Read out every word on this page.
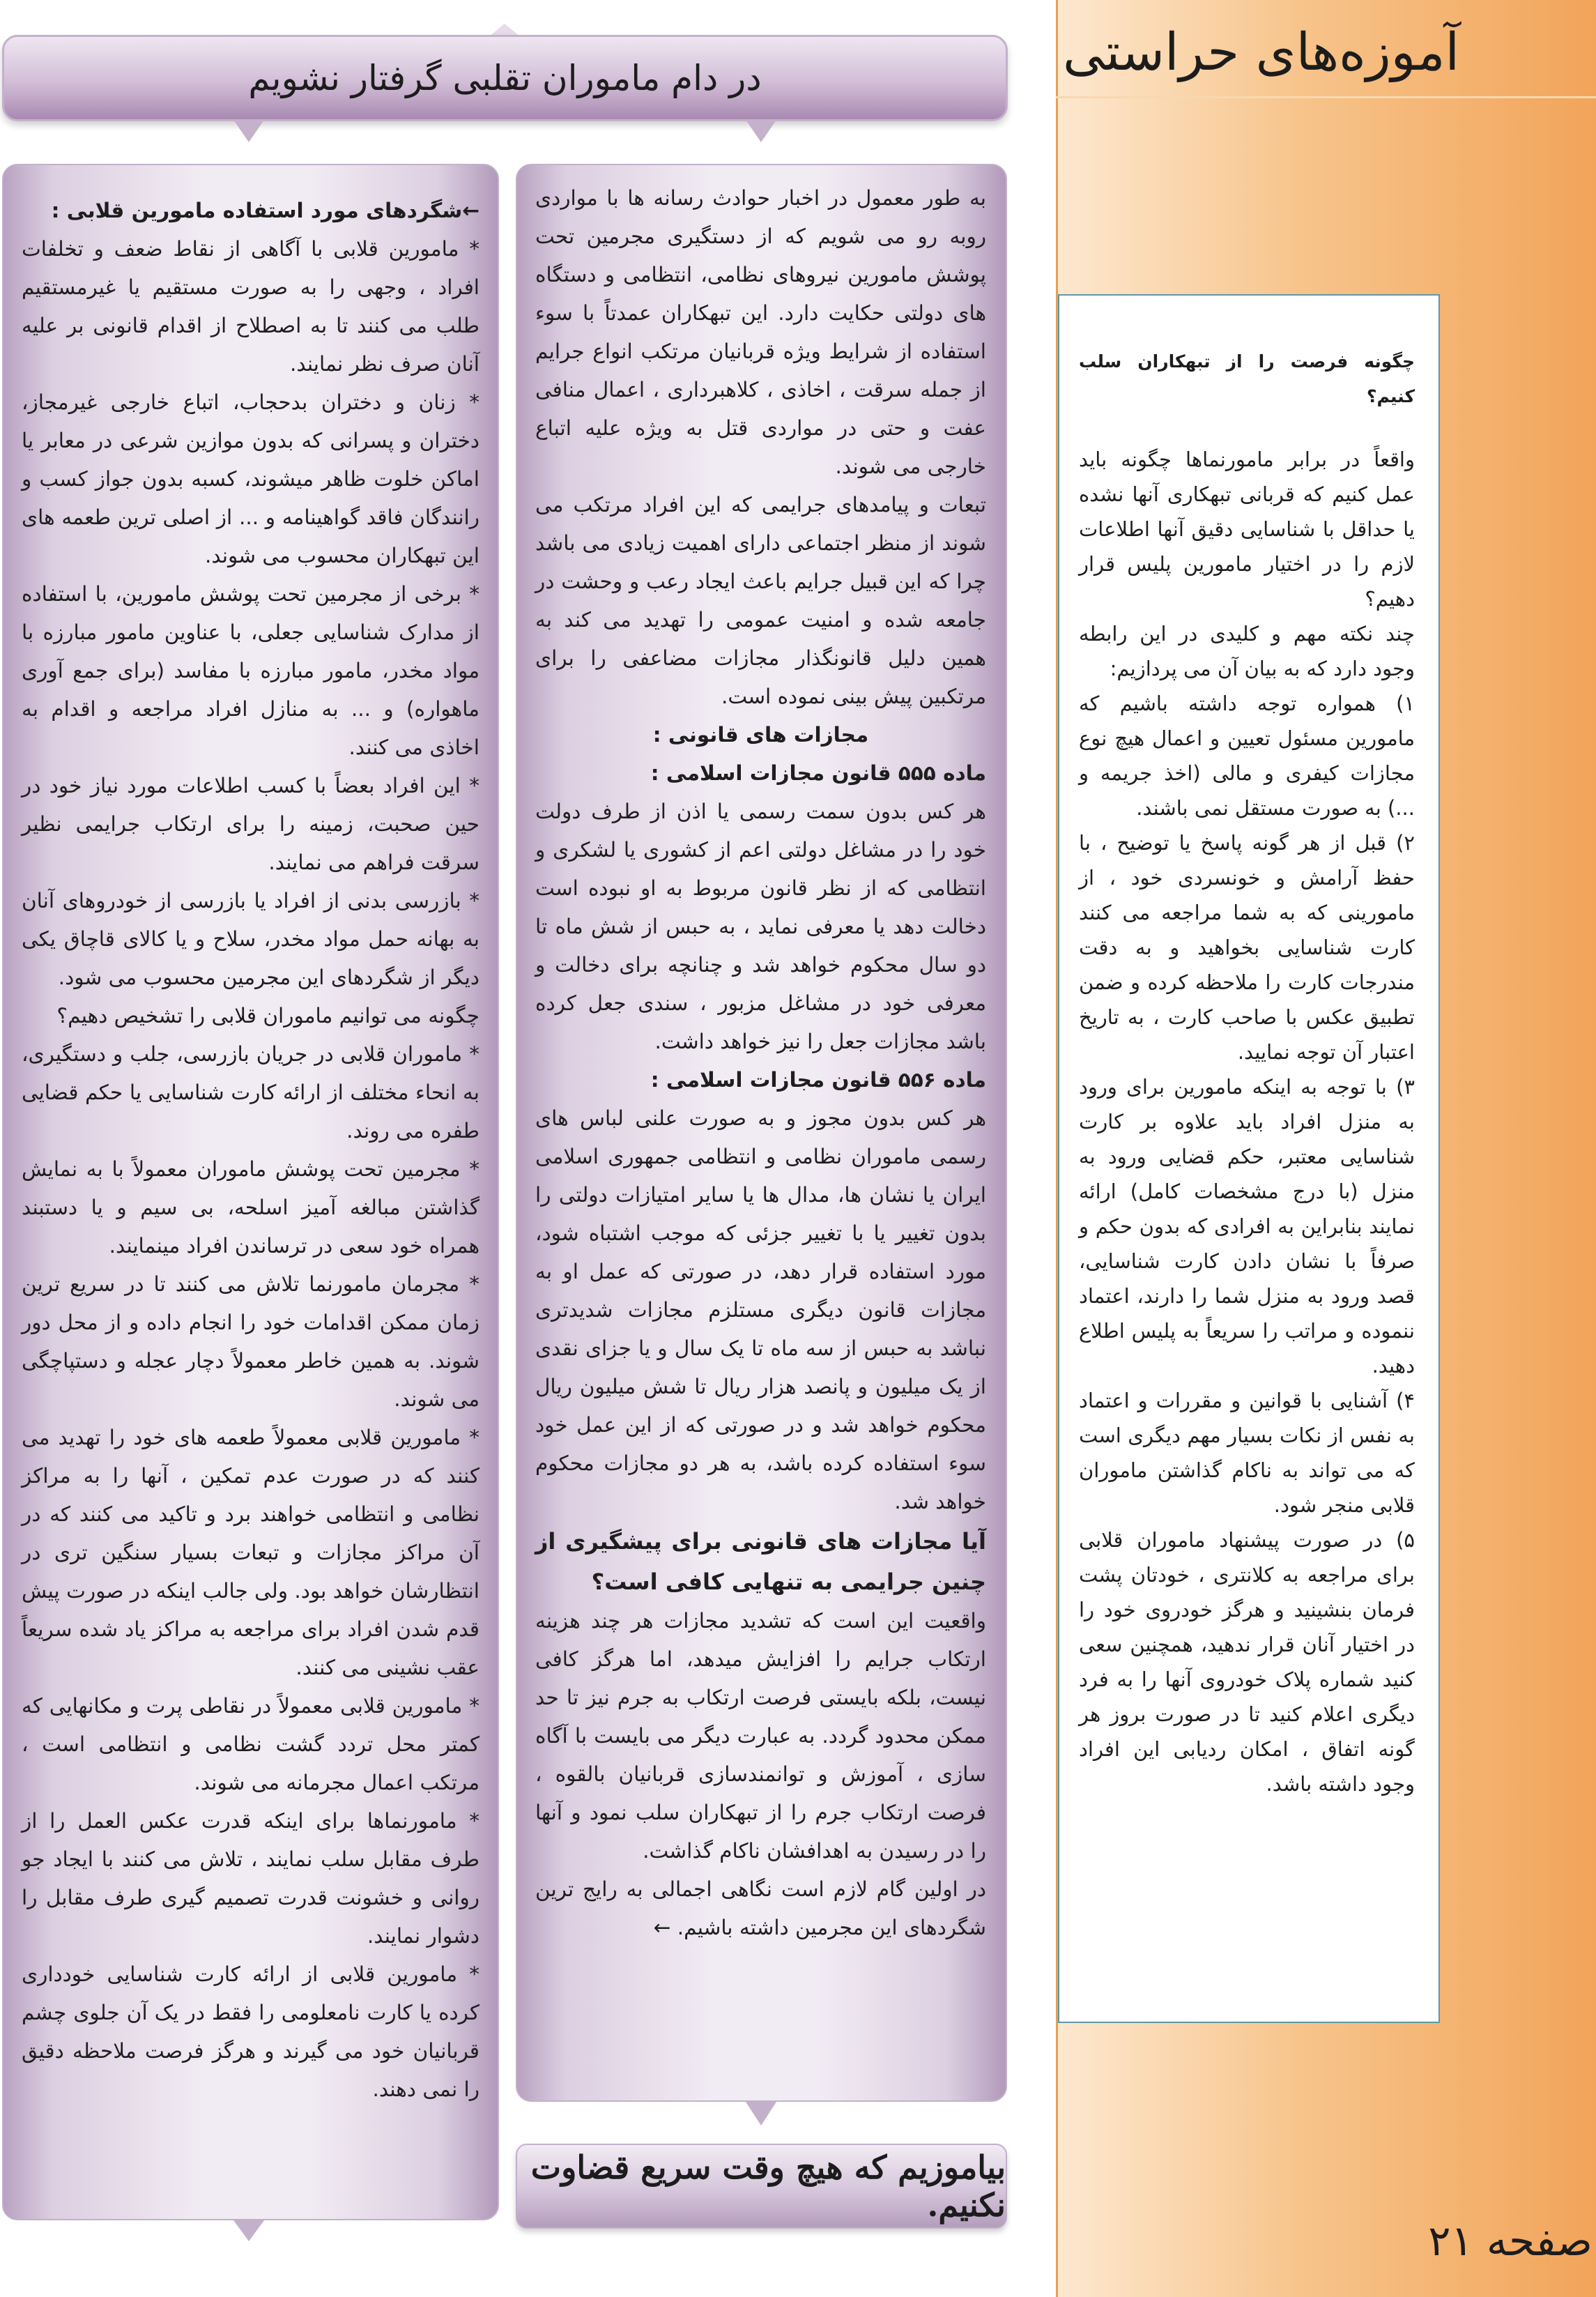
آموزه‌های حراستی

چگونه فرصت را از تبهکاران سلب کنیم؟

واقعاً در برابر مامورنماها چگونه باید عمل کنیم که قربانی تبهکاری آنها نشده یا حداقل با شناسایی دقیق آنها اطلاعات لازم را در اختیار مامورین پلیس قرار دهیم؟

چند نکته مهم و کلیدی در این رابطه وجود دارد که به بیان آن می پردازیم:

۱) همواره توجه داشته باشیم که مامورین مسئول تعیین و اعمال هیچ نوع مجازات کیفری و مالی (اخذ جریمه و ...) به صورت مستقل نمی باشند.

۲) قبل از هر گونه پاسخ یا توضیح ، با حفظ آرامش و خونسردی خود ، از مامورینی که به شما مراجعه می کنند کارت شناسایی بخواهید و به دقت مندرجات کارت را ملاحظه کرده و ضمن تطبیق عکس با صاحب کارت ، به تاریخ اعتبار آن توجه نمایید.

۳) با توجه به اینکه مامورین برای ورود به منزل افراد باید علاوه بر کارت شناسایی معتبر، حکم قضایی ورود به منزل (با درج مشخصات کامل) ارائه نمایند بنابراین به افرادی که بدون حکم و صرفاً با نشان دادن کارت شناسایی، قصد ورود به منزل شما را دارند، اعتماد ننموده و مراتب را سریعاً به پلیس اطلاع دهید.

۴) آشنایی با قوانین و مقررات و اعتماد به نفس از نکات بسیار مهم دیگری است که می تواند به ناکام گذاشتن ماموران قلابی منجر شود.

۵) در صورت پیشنهاد ماموران قلابی برای مراجعه به کلانتری ، خودتان پشت فرمان بنشینید و هرگز خودروی خود را در اختیار آنان قرار ندهید، همچنین سعی کنید شماره پلاک خودروی آنها را به فرد دیگری اعلام کنید تا در صورت بروز هر گونه اتفاق ، امکان ردیابی این افراد وجود داشته باشد.

صفحه ۲۱
در دام ماموران تقلبی گرفتار نشویم

به طور معمول در اخبار حوادث رسانه ها با مواردی روبه رو می شویم که از دستگیری مجرمین تحت پوشش مامورین نیروهای نظامی، انتظامی و دستگاه های دولتی حکایت دارد. این تبهکاران عمدتاً با سوء استفاده از شرایط ویژه قربانیان مرتکب انواع جرایم از جمله سرقت ، اخاذی ، کلاهبرداری ، اعمال منافی عفت و حتی در مواردی قتل به ویژه علیه اتباع خارجی می شوند.

تبعات و پیامدهای جرایمی که این افراد مرتکب می شوند از منظر اجتماعی دارای اهمیت زیادی می باشد چرا که این قبیل جرایم باعث ایجاد رعب و وحشت در جامعه شده و امنیت عمومی را تهدید می کند به همین دلیل قانونگذار مجازات مضاعفی را برای مرتکبین پیش بینی نموده است.

مجازات های قانونی :

ماده ۵۵۵ قانون مجازات اسلامی :

هر کس بدون سمت رسمی یا اذن از طرف دولت خود را در مشاغل دولتی اعم از کشوری یا لشکری و انتظامی که از نظر قانون مربوط به او نبوده است دخالت دهد یا معرفی نماید ، به حبس از شش ماه تا دو سال محکوم خواهد شد و چنانچه برای دخالت و معرفی خود در مشاغل مزبور ، سندی جعل کرده باشد مجازات جعل را نیز خواهد داشت.

ماده ۵۵۶ قانون مجازات اسلامی :

هر کس بدون مجوز و به صورت علنی لباس های رسمی ماموران نظامی و انتظامی جمهوری اسلامی ایران یا نشان ها، مدال ها یا سایر امتیازات دولتی را بدون تغییر یا با تغییر جزئی که موجب اشتباه شود، مورد استفاده قرار دهد، در صورتی که عمل او به مجازات قانون دیگری مستلزم مجازات شدیدتری نباشد به حبس از سه ماه تا یک سال و یا جزای نقدی از یک میلیون و پانصد هزار ریال تا شش میلیون ریال محکوم خواهد شد و در صورتی که از این عمل خود سوء استفاده کرده باشد، به هر دو مجازات محکوم خواهد شد.

آیا مجازات های قانونی برای پیشگیری از چنین جرایمی به تنهایی کافی است؟

واقعیت این است که تشدید مجازات هر چند هزینه ارتکاب جرایم را افزایش میدهد، اما هرگز کافی نیست، بلکه بایستی فرصت ارتکاب به جرم نیز تا حد ممکن محدود گردد. به عبارت دیگر می بایست با آگاه سازی ، آموزش و توانمندسازی قربانیان بالقوه ، فرصت ارتکاب جرم را از تبهکاران سلب نمود و آنها را در رسیدن به اهدافشان ناکام گذاشت.

در اولین گام لازم است نگاهی اجمالی به رایج ترین شگردهای این مجرمین داشته باشیم. ←

←شگردهای مورد استفاده مامورین قلابی :

* مامورین قلابی با آگاهی از نقاط ضعف و تخلفات افراد ، وجهی را به صورت مستقیم یا غیرمستقیم طلب می کنند تا به اصطلاح از اقدام قانونی بر علیه آنان صرف نظر نمایند.

* زنان و دختران بدحجاب، اتباع خارجی غیرمجاز، دختران و پسرانی که بدون موازین شرعی در معابر یا اماکن خلوت ظاهر میشوند، کسبه بدون جواز کسب و رانندگان فاقد گواهینامه و ... از اصلی ترین طعمه های این تبهکاران محسوب می شوند.

* برخی از مجرمین تحت پوشش مامورین، با استفاده از مدارک شناسایی جعلی، با عناوین مامور مبارزه با مواد مخدر، مامور مبارزه با مفاسد (برای جمع آوری ماهواره) و ... به منازل افراد مراجعه و اقدام به اخاذی می کنند.

* این افراد بعضاً با کسب اطلاعات مورد نیاز خود در حین صحبت، زمینه را برای ارتکاب جرایمی نظیر سرقت فراهم می نمایند.

* بازرسی بدنی از افراد یا بازرسی از خودروهای آنان به بهانه حمل مواد مخدر، سلاح و یا کالای قاچاق یکی دیگر از شگردهای این مجرمین محسوب می شود.

چگونه می توانیم ماموران قلابی را تشخیص دهیم؟

* ماموران قلابی در جریان بازرسی، جلب و دستگیری، به انحاء مختلف از ارائه کارت شناسایی یا حکم قضایی طفره می روند.

* مجرمین تحت پوشش ماموران معمولاً با به نمایش گذاشتن مبالغه آمیز اسلحه، بی سیم و یا دستبند همراه خود سعی در ترساندن افراد مینمایند.

* مجرمان مامورنما تلاش می کنند تا در سریع ترین زمان ممکن اقدامات خود را انجام داده و از محل دور شوند. به همین خاطر معمولاً دچار عجله و دستپاچگی می شوند.

* مامورین قلابی معمولاً طعمه های خود را تهدید می کنند که در صورت عدم تمکین ، آنها را به مراکز نظامی و انتظامی خواهند برد و تاکید می کنند که در آن مراکز مجازات و تبعات بسیار سنگین تری در انتظارشان خواهد بود. ولی جالب اینکه در صورت پیش قدم شدن افراد برای مراجعه به مراکز یاد شده سریعاً عقب نشینی می کنند.

* مامورین قلابی معمولاً در نقاطی پرت و مکانهایی که کمتر محل تردد گشت نظامی و انتظامی است ، مرتکب اعمال مجرمانه می شوند.

* مامورنماها برای اینکه قدرت عکس العمل را از طرف مقابل سلب نمایند ، تلاش می کنند با ایجاد جو روانی و خشونت قدرت تصمیم گیری طرف مقابل را دشوار نمایند.

* مامورین قلابی از ارائه کارت شناسایی خودداری کرده یا کارت نامعلومی را فقط در یک آن جلوی چشم قربانیان خود می گیرند و هرگز فرصت ملاحظه دقیق را نمی دهند.

بیاموزیم که هیچ وقت سریع قضاوت نکنیم.
